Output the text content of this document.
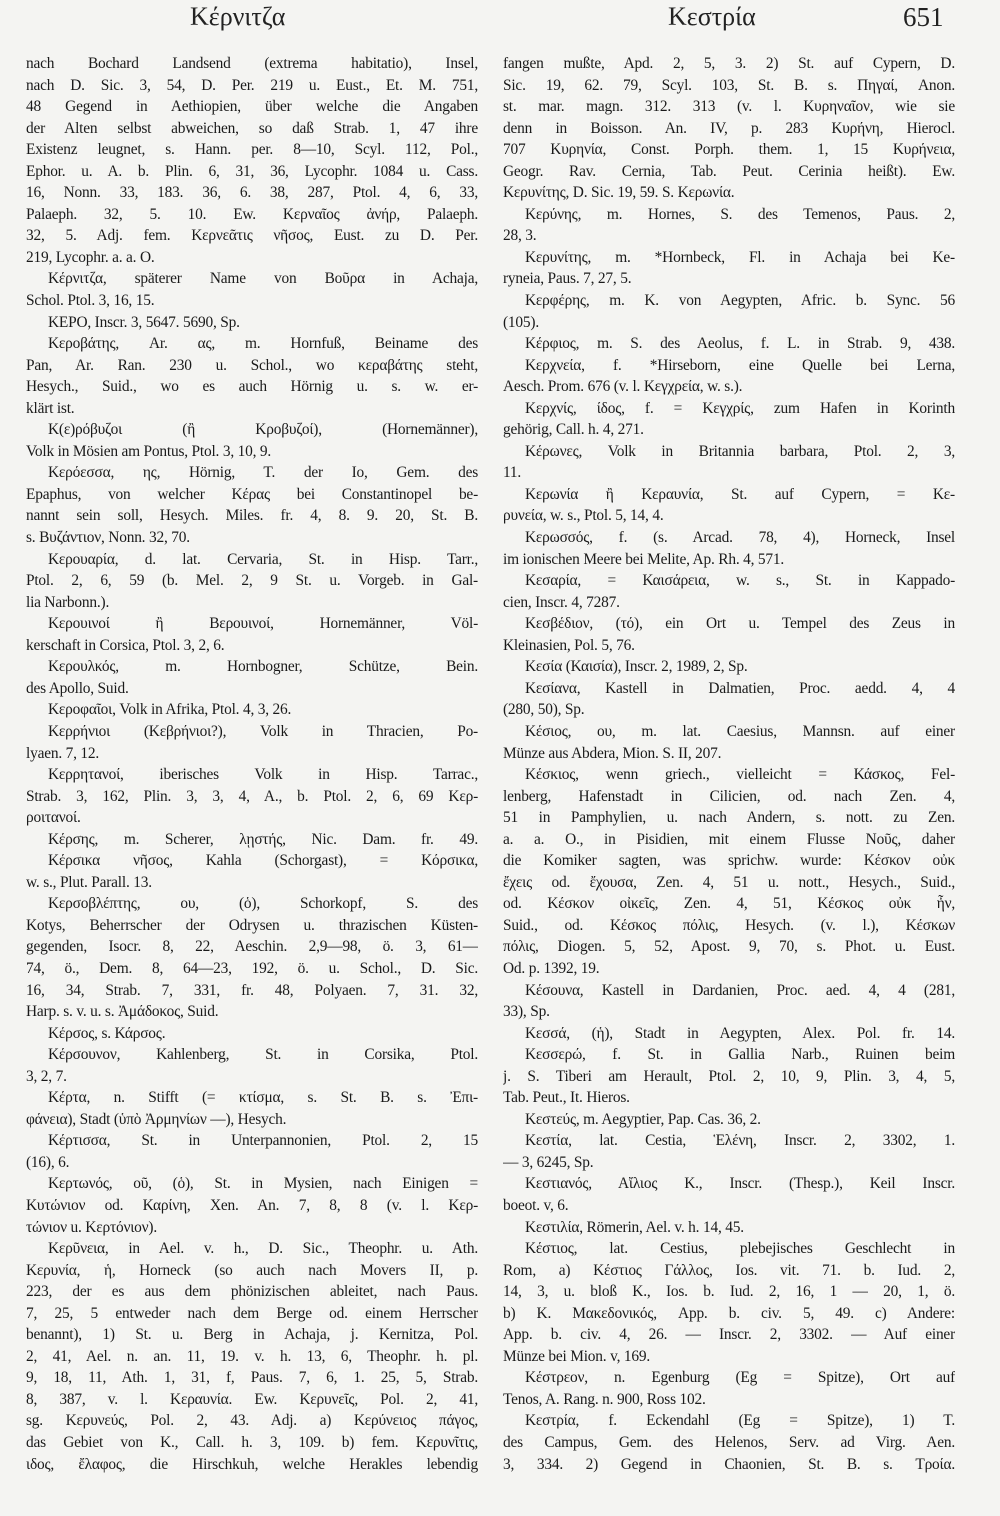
Κέρνιτζα	Κεστρία	651
nach Bochard Landsend (extrema habitatio), Insel,
nach D. Sic. 3, 54, D. Per. 219 u. Eust., Et. M. 751,
48 Gegend in Aethiopien, über welche die Angaben
der Alten selbst abweichen, so daß Strab. 1, 47 ihre
Existenz leugnet, s. Hann. per. 8—10, Scyl. 112, Pol.,
Ephor. u. A. b. Plin. 6, 31, 36, Lycophr. 1084 u. Cass.
16, Nonn. 33, 183. 36, 6. 38, 287, Ptol. 4, 6, 33,
Palaeph. 32, 5. 10. Ew. Κερναῖος ἀνήρ, Palaeph.
32, 5. Adj. fem. Κερνεᾶτις νῆσος, Eust. zu D. Per.
219, Lycophr. a. a. O.
Κέρνιτζα, späterer Name von Βοῦρα in Achaja,
Schol. Ptol. 3, 16, 15.
KEPO, Inscr. 3, 5647. 5690, Sp.
Κεροβάτης, Ar. ας, m. Hornfuß, Beiname des
Pan, Ar. Ran. 230 u. Schol., wo κεραβάτης steht,
Hesych., Suid., wo es auch Hörnig u. s. w. er-
klärt ist.
Κ(ε)ρόβυζοι (ἢ Κροβυζοί), (Hornemänner),
Volk in Mösien am Pontus, Ptol. 3, 10, 9.
Κερόεσσα, ης, Hörnig, T. der Io, Gem. des
Epaphus, von welcher Κέρας bei Constantinopel be-
nannt sein soll, Hesych. Miles. fr. 4, 8. 9. 20, St. B.
s. Βυζάντιον, Nonn. 32, 70.
Κερουαρία, d. lat. Cervaria, St. in Hisp. Tarr.,
Ptol. 2, 6, 59 (b. Mel. 2, 9 St. u. Vorgeb. in Gal-
lia Narbonn.).
Κερουινοί ἢ Βερουινοί, Hornemänner, Völ-
kerschaft in Corsica, Ptol. 3, 2, 6.
Κερουλκός, m. Hornbogner, Schütze, Bein.
des Apollo, Suid.
Κεροφαῖοι, Volk in Afrika, Ptol. 4, 3, 26.
Κερρήνιοι (Κεβρήνιοι?), Volk in Thracien, Po-
lyaen. 7, 12.
Κερρητανοί, iberisches Volk in Hisp. Tarrac.,
Strab. 3, 162, Plin. 3, 3, 4, A., b. Ptol. 2, 6, 69 Κερ-
ροιτανοί.
Κέρσης, m. Scherer, λῃστής, Nic. Dam. fr. 49.
Κέρσικα νῆσος, Kahla (Schorgast), = Κόρσικα,
w. s., Plut. Parall. 13.
Κερσοβλέπτης, ου, (ὁ), Schorkopf, S. des
Kotys, Beherrscher der Odrysen u. thrazischen Küsten-
gegenden, Isocr. 8, 22, Aeschin. 2,9—98, ö. 3, 61—
74, ö., Dem. 8, 64—23, 192, ö. u. Schol., D. Sic.
16, 34, Strab. 7, 331, fr. 48, Polyaen. 7, 31. 32,
Harp. s. v. u. s. Ἀμάδοκος, Suid.
Κέρσος, s. Κάρσος.
Κέρσουνον, Kahlenberg, St. in Corsika, Ptol.
3, 2, 7.
Κέρτα, n. Stifft (= κτίσμα, s. St. B. s. Ἐπι-
φάνεια), Stadt (ὑπὸ Ἀρμηνίων —), Hesych.
Κέρτισσα, St. in Unterpannonien, Ptol. 2, 15
(16), 6.
Κερτωνός, οῦ, (ὁ), St. in Mysien, nach Einigen =
Κυτώνιον od. Καρίνη, Xen. An. 7, 8, 8 (v. l. Κερ-
τώνιον u. Κερτόνιον).
Κερῦνεια, in Ael. v. h., D. Sic., Theophr. u. Ath.
Κερυνία, ἡ, Horneck (so auch nach Movers II, p.
223, der es aus dem phönizischen ableitet, nach Paus.
7, 25, 5 entweder nach dem Berge od. einem Herrscher
benannt), 1) St. u. Berg in Achaja, j. Kernitza, Pol.
2, 41, Ael. n. an. 11, 19. v. h. 13, 6, Theophr. h. pl.
9, 18, 11, Ath. 1, 31, f, Paus. 7, 6, 1. 25, 5, Strab.
8, 387, v. l. Κεραυνία. Ew. Κερυνεῖς, Pol. 2, 41,
sg. Κερυνεύς, Pol. 2, 43. Adj. a) Κερύνειος πάγος,
das Gebiet von K., Call. h. 3, 109. b) fem. Κερυνῖτις,
ιδος, ἔλαφος, die Hirschkuh, welche Herakles lebendig
fangen mußte, Apd. 2, 5, 3. 2) St. auf Cypern, D.
Sic. 19, 62. 79, Scyl. 103, St. B. s. Πηγαί, Anon.
st. mar. magn. 312. 313 (v. l. Κυρηναῖον, wie sie
denn in Boisson. An. IV, p. 283 Κυρήνη, Hierocl.
707 Κυρηνία, Const. Porph. them. 1, 15 Κυρήνεια,
Geogr. Rav. Cernia, Tab. Peut. Cerinia heißt). Ew.
Κερυνίτης, D. Sic. 19, 59. S. Κερωνία.
Κερύνης, m. Hornes, S. des Temenos, Paus. 2,
28, 3.
Κερυνίτης, m. *Hornbeck, Fl. in Achaja bei Ke-
ryneia, Paus. 7, 27, 5.
Κερφέρης, m. K. von Aegypten, Afric. b. Sync. 56
(105).
Κέρφιος, m. S. des Aeolus, f. L. in Strab. 9, 438.
Κερχνεία, f. *Hirseborn, eine Quelle bei Lerna,
Aesch. Prom. 676 (v. l. Κεγχρεία, w. s.).
Κερχνίς, ίδος, f. = Κεγχρίς, zum Hafen in Korinth
gehörig, Call. h. 4, 271.
Κέρωνες, Volk in Britannia barbara, Ptol. 2, 3,
11.
Κερωνία ἢ Κεραυνία, St. auf Cypern, = Κε-
ρυνεία, w. s., Ptol. 5, 14, 4.
Κερωσσός, f. (s. Arcad. 78, 4), Horneck, Insel
im ionischen Meere bei Melite, Ap. Rh. 4, 571.
Κεσαρία, = Καισάρεια, w. s., St. in Kappado-
cien, Inscr. 4, 7287.
Κεσβέδιον, (τό), ein Ort u. Tempel des Zeus in
Kleinasien, Pol. 5, 76.
Κεσία (Καισία), Inscr. 2, 1989, 2, Sp.
Κεσίανα, Kastell in Dalmatien, Proc. aedd. 4, 4
(280, 50), Sp.
Κέσιος, ου, m. lat. Caesius, Mannsn. auf einer
Münze aus Abdera, Mion. S. II, 207.
Κέσκιος, wenn griech., vielleicht = Κάσκος, Fel-
lenberg, Hafenstadt in Cilicien, od. nach Zen. 4,
51 in Pamphylien, u. nach Andern, s. nott. zu Zen.
a. a. O., in Pisidien, mit einem Flusse Νοῦς, daher
die Komiker sagten, was sprichw. wurde: Κέσκον οὐκ
ἔχεις od. ἔχουσα, Zen. 4, 51 u. nott., Hesych., Suid.,
od. Κέσκον οἰκεῖς, Zen. 4, 51, Κέσκος οὐκ ἦν,
Suid., od. Κέσκος πόλις, Hesych. (v. l.), Κέσκων
πόλις, Diogen. 5, 52, Apost. 9, 70, s. Phot. u. Eust.
Od. p. 1392, 19.
Κέσουνα, Kastell in Dardanien, Proc. aed. 4, 4 (281,
33), Sp.
Κεσσά, (ἡ), Stadt in Aegypten, Alex. Pol. fr. 14.
Κεσσερώ, f. St. in Gallia Narb., Ruinen beim
j. S. Tiberi am Herault, Ptol. 2, 10, 9, Plin. 3, 4, 5,
Tab. Peut., It. Hieros.
Κεστεύς, m. Aegyptier, Pap. Cas. 36, 2.
Κεστία, lat. Cestia, Ἑλένη, Inscr. 2, 3302, 1.
— 3, 6245, Sp.
Κεστιανός, Αἴλιος Κ., Inscr. (Thesp.), Keil Inscr.
boeot. v, 6.
Κεστιλία, Römerin, Ael. v. h. 14, 45.
Κέστιος, lat. Cestius, plebejisches Geschlecht in
Rom, a) Κέστιος Γάλλος, Ios. vit. 71. b. Iud. 2,
14, 3, u. bloß Κ., Ios. b. Iud. 2, 16, 1 — 20, 1, ö.
b) Κ. Μακεδονικός, App. b. civ. 5, 49. c) Andere:
App. b. civ. 4, 26. — Inscr. 2, 3302. — Auf einer
Münze bei Mion. v, 169.
Κέστρεον, n. Egenburg (Eg = Spitze), Ort auf
Tenos, A. Rang. n. 900, Ross 102.
Κεστρία, f. Eckendahl (Eg = Spitze), 1) T.
des Campus, Gem. des Helenos, Serv. ad Virg. Aen.
3, 334. 2) Gegend in Chaonien, St. B. s. Τροία.
